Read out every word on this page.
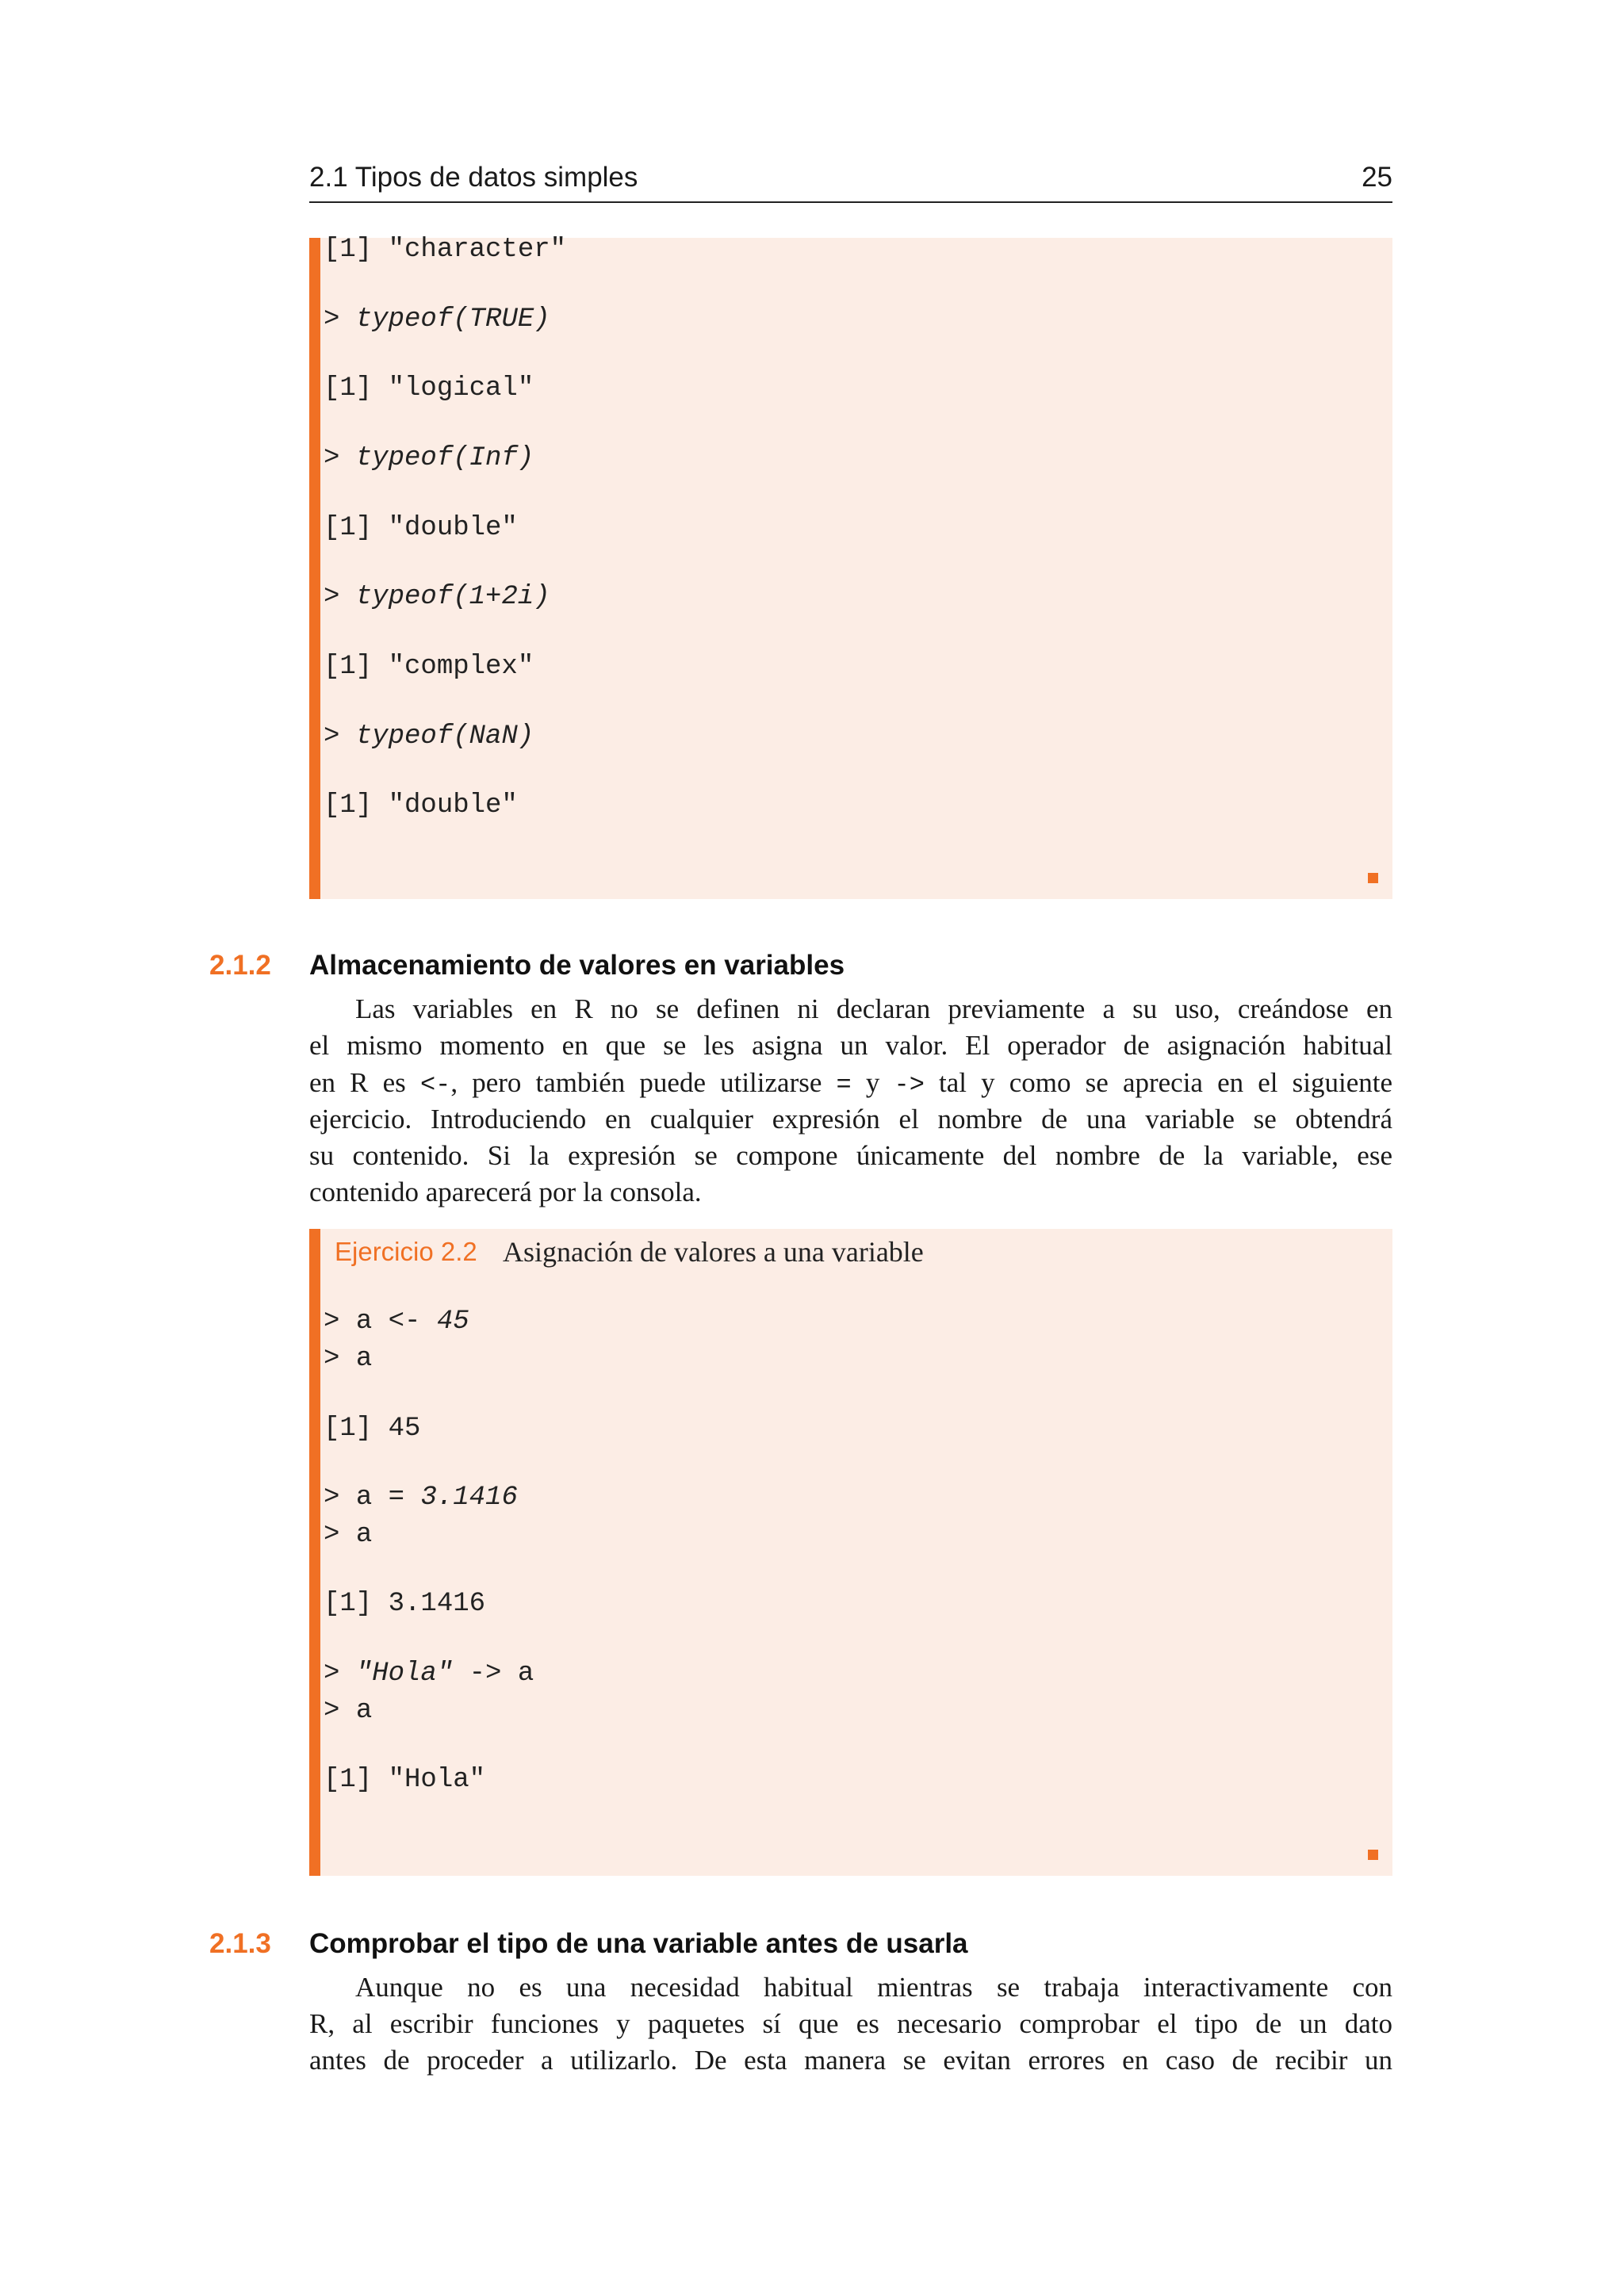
2.1 Tipos de datos simples	25
[1] "character"
> typeof(TRUE)
[1] "logical"
> typeof(Inf)
[1] "double"
> typeof(1+2i)
[1] "complex"
> typeof(NaN)
[1] "double"
2.1.2 Almacenamiento de valores en variables
Las variables en R no se definen ni declaran previamente a su uso, creándose en
el mismo momento en que se les asigna un valor. El operador de asignación habitual
en R es <-, pero también puede utilizarse = y -> tal y como se aprecia en el siguiente
ejercicio. Introduciendo en cualquier expresión el nombre de una variable se obtendrá
su contenido. Si la expresión se compone únicamente del nombre de la variable, ese
contenido aparecerá por la consola.
Ejercicio 2.2 Asignación de valores a una variable
> a <- 45
> a
[1] 45
> a = 3.1416
> a
[1] 3.1416
> "Hola" -> a
> a
[1] "Hola"
2.1.3 Comprobar el tipo de una variable antes de usarla
Aunque no es una necesidad habitual mientras se trabaja interactivamente con
R, al escribir funciones y paquetes sí que es necesario comprobar el tipo de un dato
antes de proceder a utilizarlo. De esta manera se evitan errores en caso de recibir un
